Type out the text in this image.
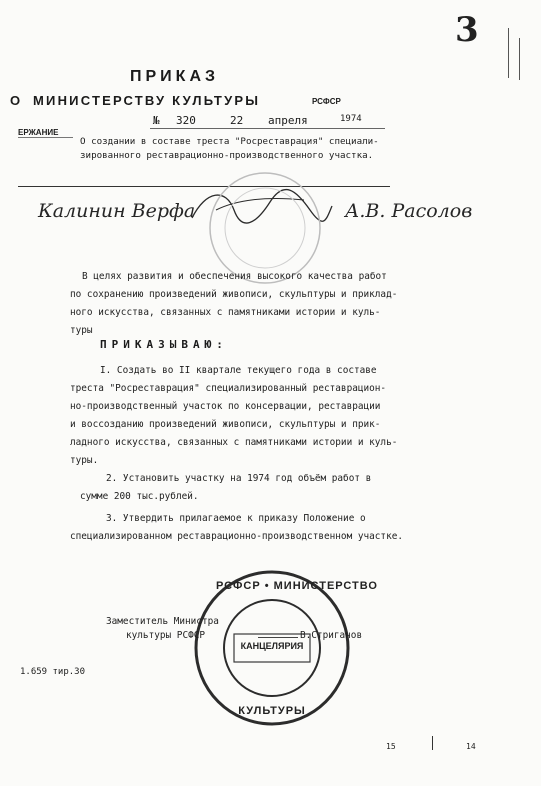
3
ПРИКАЗ
О МИНИСТЕРСТВУ КУЛЬТУРЫ	РСФСР
№ 320	22 апреля	1974
ЕРЖАНИЕ
О создании в составе треста "Росреставрация" специали-
зированного реставрационно-производственного участка.
Калинин Верфа	А.В. Расолов
В целях развития и обеспечения высокого качества работ
по сохранению произведений живописи, скульптуры и приклад-
ного искусства, связанных с памятниками истории и куль-
туры
ПРИКАЗЫВАЮ:
I. Создать во II квартале текущего года в составе
треста "Росреставрация" специализированный реставрацион-
но-производственный участок по консервации, реставрации
и воссозданию произведений живописи, скульптуры и прик-
ладного искусства, связанных с памятниками истории и куль-
туры.
2. Установить участку на 1974 год объём работ в
сумме 200 тыс.рублей.
3. Утвердить прилагаемое к приказу Положение о
специализированном реставрационно-производственном участке.
РСФСР • МИНИСТЕРСТВО
КУЛЬТУРЫ
КАНЦЕЛЯРИЯ
Заместитель Министра
культуры РСФСР	В.Стриганов
1.659 тир.30
15	14
